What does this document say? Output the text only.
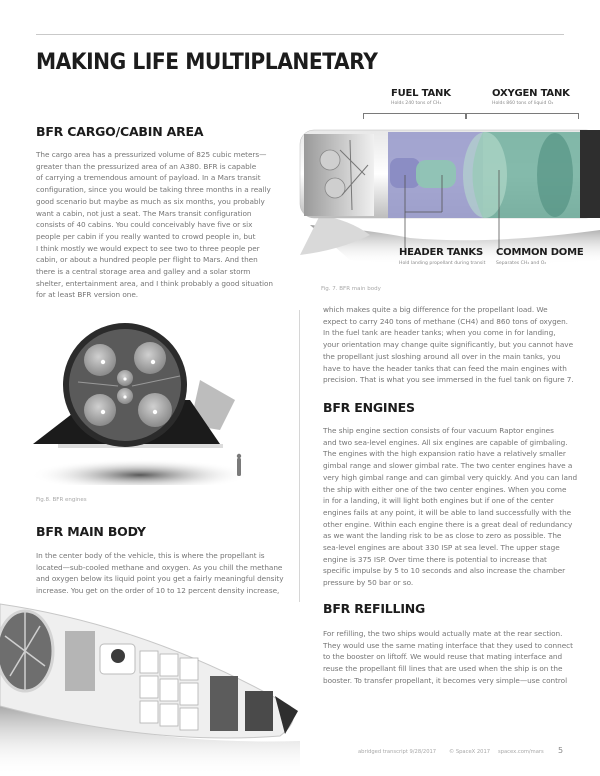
MAKING LIFE MULTIPLANETARY
FUEL TANK
Holds 240 tons of CH₄
OXYGEN TANK
Holds 860 tons of liquid O₂
HEADER TANKS
Hold landing propellant during transit
COMMON DOME
Separates CH₄ and O₂
Fig. 7. BFR main body
BFR CARGO/CABIN AREA

The cargo area has a pressurized volume of 825 cubic meters—

greater than the pressurized area of an A380. BFR is capable

of carrying a tremendous amount of payload. In a Mars transit

configuration, since you would be taking three months in a really

good scenario but maybe as much as six months, you probably

want a cabin, not just a seat. The Mars transit configuration

consists of 40 cabins. You could conceivably have five or six

people per cabin if you really wanted to crowd people in, but

I think mostly we would expect to see two to three people per

cabin, or about a hundred people per flight to Mars. And then

there is a central storage area and galley and a solar storm

shelter, entertainment area, and I think probably a good situation

for at least BFR version one.

Fig.8. BFR engines
BFR MAIN BODY

In the center body of the vehicle, this is where the propellant is

located—sub-cooled methane and oxygen. As you chill the methane

and oxygen below its liquid point you get a fairly meaningful density

increase. You get on the order of 10 to 12 percent density increase,

which makes quite a big difference for the propellant load. We

expect to carry 240 tons of methane (CH4) and 860 tons of oxygen.

In the fuel tank are header tanks; when you come in for landing,

your orientation may change quite significantly, but you cannot have

the propellant just sloshing around all over in the main tanks, you

have to have the header tanks that can feed the main engines with

precision. That is what you see immersed in the fuel tank on figure 7.

BFR ENGINES

The ship engine section consists of four vacuum Raptor engines

and two sea-level engines. All six engines are capable of gimbaling.

The engines with the high expansion ratio have a relatively smaller

gimbal range and slower gimbal rate. The two center engines have a

very high gimbal range and can gimbal very quickly. And you can land

the ship with either one of the two center engines. When you come

in for a landing, it will light both engines but if one of the center

engines fails at any point, it will be able to land successfully with the

other engine. Within each engine there is a great deal of redundancy

as we want the landing risk to be as close to zero as possible. The

sea-level engines are about 330 ISP at sea level. The upper stage

engine is 375 ISP. Over time there is potential to increase that

specific impulse by 5 to 10 seconds and also increase the chamber

pressure by 50 bar or so.

BFR REFILLING

For refilling, the two ships would actually mate at the rear section.

They would use the same mating interface that they used to connect

to the booster on liftoff. We would reuse that mating interface and

reuse the propellant fill lines that are used when the ship is on the

booster. To transfer propellant, it becomes very simple—use control

abridged transcript 9/28/2017 © SpaceX 2017 spacex.com/mars 5
